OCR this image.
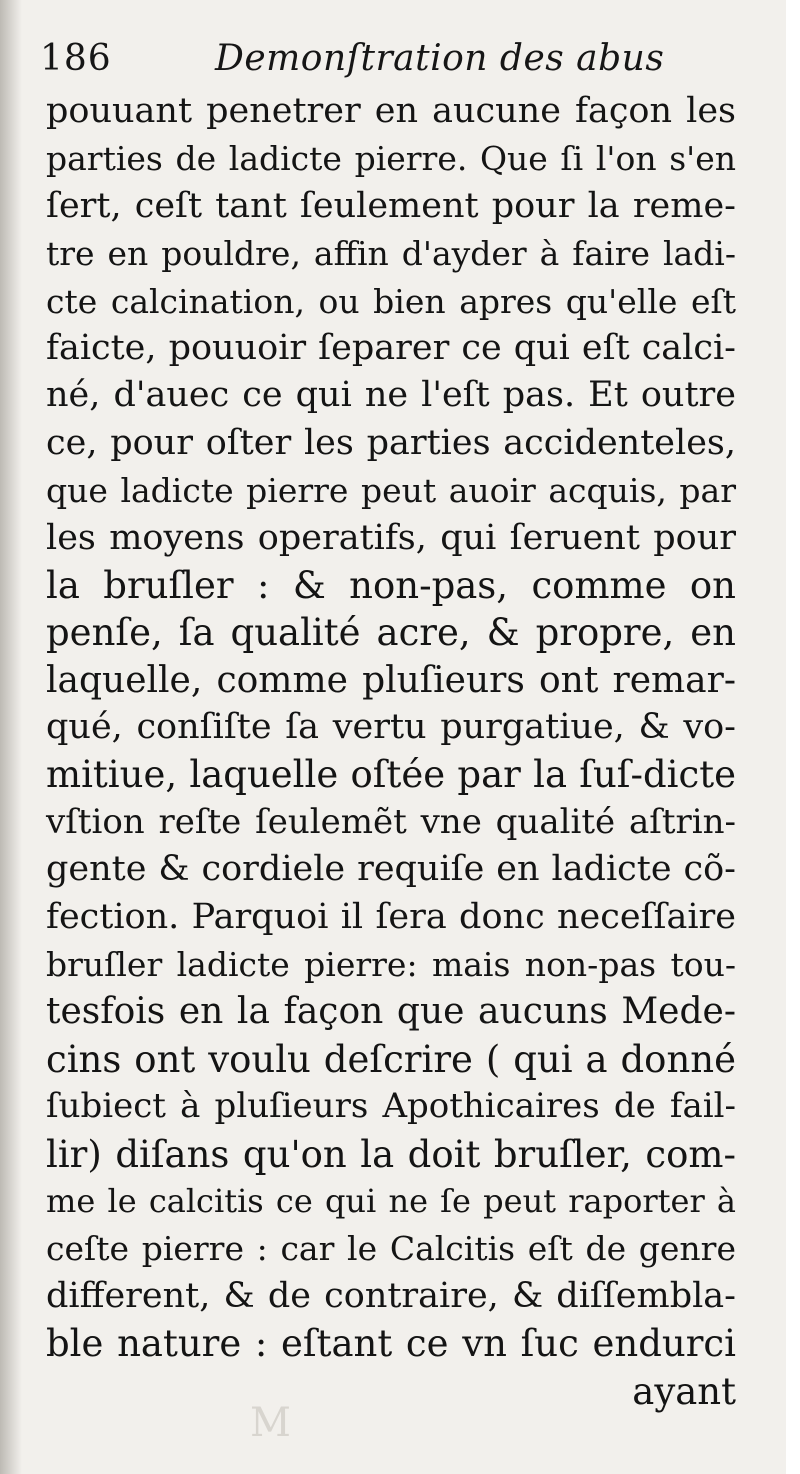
186	Demonſtration des abus
pouuant penetrer en aucune façon les
parties de ladicte pierre. Que ſi l'on s'en
ſert, ceſt tant ſeulement pour la reme-
tre en pouldre, affin d'ayder à faire ladi-
cte calcination, ou bien apres qu'elle eſt
faicte, pouuoir ſeparer ce qui eſt calci-
né, d'auec ce qui ne l'eſt pas. Et outre
ce, pour oſter les parties accidenteles,
que ladicte pierre peut auoir acquis, par
les moyens operatifs, qui ſeruent pour
la bruſler : & non-pas, comme on
penſe, ſa qualité acre, & propre, en
laquelle, comme pluſieurs ont remar-
qué, conſiſte ſa vertu purgatiue, & vo-
mitiue, laquelle oſtée par la ſuſ-dicte
vſtion reſte ſeulemẽt vne qualité aſtrin-
gente & cordiele requiſe en ladicte cõ-
fection. Parquoi il ſera donc neceſſaire
bruſler ladicte pierre: mais non-pas tou-
tesfois en la façon que aucuns Mede-
cins ont voulu deſcrire ( qui a donné
ſubiect à pluſieurs Apothicaires de fail-
lir) diſans qu'on la doit bruſler, com-
me le calcitis ce qui ne ſe peut raporter à
ceſte pierre : car le Calcitis eſt de genre
different, & de contraire, & diſſembla-
ble nature : eſtant ce vn ſuc endurci
ayant
M
